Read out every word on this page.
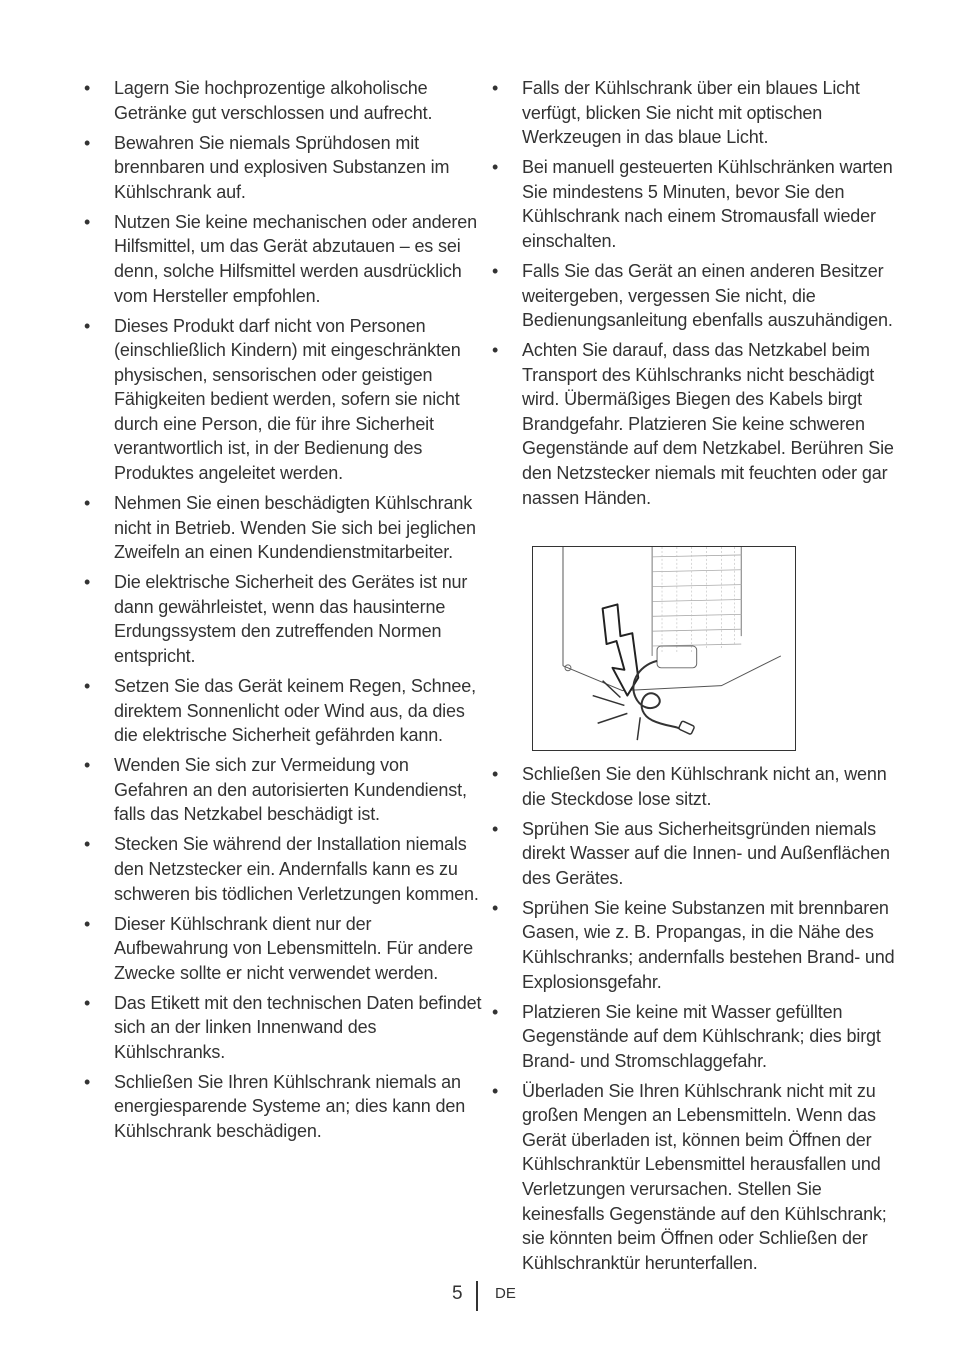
• Lagern Sie hochprozentige alkoholische Getränke gut verschlossen und aufrecht.
• Bewahren Sie niemals Sprühdosen mit brennbaren und explosiven Substanzen im Kühlschrank auf.
• Nutzen Sie keine mechanischen oder anderen Hilfsmittel, um das Gerät abzutauen – es sei denn, solche Hilfsmittel werden ausdrücklich vom Hersteller empfohlen.
• Dieses Produkt darf nicht von Personen (einschließlich Kindern) mit eingeschränkten physischen, sensorischen oder geistigen Fähigkeiten bedient werden, sofern sie nicht durch eine Person, die für ihre Sicherheit verantwortlich ist, in der Bedienung des Produktes angeleitet werden.
• Nehmen Sie einen beschädigten Kühlschrank nicht in Betrieb. Wenden Sie sich bei jeglichen Zweifeln an einen Kundendienstmitarbeiter.
• Die elektrische Sicherheit des Gerätes ist nur dann gewährleistet, wenn das hausinterne Erdungssystem den zutreffenden Normen entspricht.
• Setzen Sie das Gerät keinem Regen, Schnee, direktem Sonnenlicht oder Wind aus, da dies die elektrische Sicherheit gefährden kann.
• Wenden Sie sich zur Vermeidung von Gefahren an den autorisierten Kundendienst, falls das Netzkabel beschädigt ist.
• Stecken Sie während der Installation niemals den Netzstecker ein. Andernfalls kann es zu schweren bis tödlichen Verletzungen kommen.
• Dieser Kühlschrank dient nur der Aufbewahrung von Lebensmitteln. Für andere Zwecke sollte er nicht verwendet werden.
• Das Etikett mit den technischen Daten befindet sich an der linken Innenwand des Kühlschranks.
• Schließen Sie Ihren Kühlschrank niemals an energiesparende Systeme an; dies kann den Kühlschrank beschädigen.
• Falls der Kühlschrank über ein blaues Licht verfügt, blicken Sie nicht mit optischen Werkzeugen in das blaue Licht.
• Bei manuell gesteuerten Kühlschränken warten Sie mindestens 5 Minuten, bevor Sie den Kühlschrank nach einem Stromausfall wieder einschalten.
• Falls Sie das Gerät an einen anderen Besitzer weitergeben, vergessen Sie nicht, die Bedienungsanleitung ebenfalls auszuhändigen.
• Achten Sie darauf, dass das Netzkabel beim Transport des Kühlschranks nicht beschädigt wird. Übermäßiges Biegen des Kabels birgt Brandgefahr. Platzieren Sie keine schweren Gegenstände auf dem Netzkabel. Berühren Sie den Netzstecker niemals mit feuchten oder gar nassen Händen.
• Schließen Sie den Kühlschrank nicht an, wenn die Steckdose lose sitzt.
• Sprühen Sie aus Sicherheitsgründen niemals direkt Wasser auf die Innen- und Außenflächen des Gerätes.
• Sprühen Sie keine Substanzen mit brennbaren Gasen, wie z. B. Propangas, in die Nähe des Kühlschranks; andernfalls bestehen Brand- und Explosionsgefahr.
• Platzieren Sie keine mit Wasser gefüllten Gegenstände auf dem Kühlschrank; dies birgt Brand- und Stromschlaggefahr.
• Überladen Sie Ihren Kühlschrank nicht mit zu großen Mengen an Lebensmitteln. Wenn das Gerät überladen ist, können beim Öffnen der Kühlschranktür Lebensmittel herausfallen und Verletzungen verursachen. Stellen Sie keinesfalls Gegenstände auf den Kühlschrank; sie könnten beim Öffnen oder Schließen der Kühlschranktür herunterfallen.
5 DE
